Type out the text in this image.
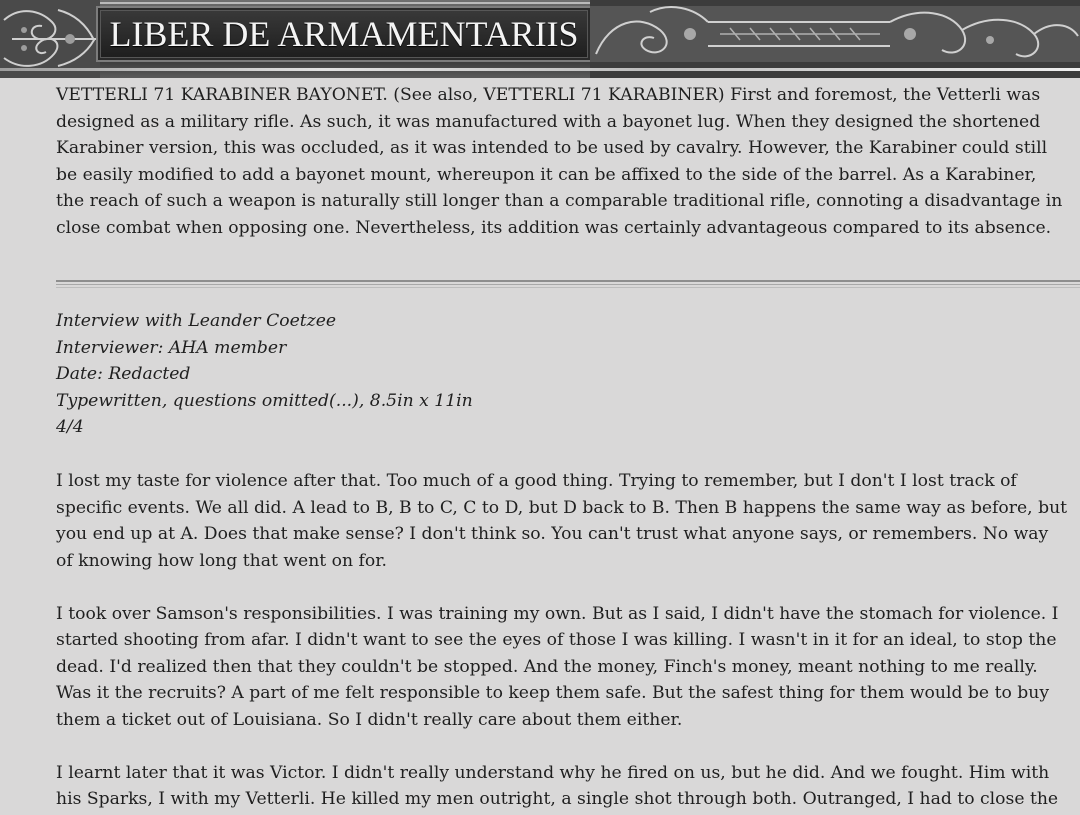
LIBER DE ARMAMENTARIIS

VETTERLI 71 KARABINER BAYONET. (See also, VETTERLI 71 KARABINER) First and foremost, the Vetterli was designed as a military rifle. As such, it was manufactured with a bayonet lug. When they designed the shortened Karabiner version, this was occluded, as it was intended to be used by cavalry. However, the Karabiner could still be easily modified to add a bayonet mount, whereupon it can be affixed to the side of the barrel. As a Karabiner, the reach of such a weapon is naturally still longer than a comparable traditional rifle, connoting a disadvantage in close combat when opposing one. Nevertheless, its addition was certainly advantageous compared to its absence.

Interview with Leander Coetzee
Interviewer: AHA member
Date: Redacted
Typewritten, questions omitted(...), 8.5in x 11in
4/4

I lost my taste for violence after that. Too much of a good thing. Trying to remember, but I don't I lost track of specific events. We all did. A lead to B, B to C, C to D, but D back to B. Then B happens the same way as before, but you end up at A. Does that make sense? I don't think so. You can't trust what anyone says, or remembers. No way of knowing how long that went on for.

I took over Samson's responsibilities. I was training my own. But as I said, I didn't have the stomach for violence. I started shooting from afar. I didn't want to see the eyes of those I was killing. I wasn't in it for an ideal, to stop the dead. I'd realized then that they couldn't be stopped. And the money, Finch's money, meant nothing to me really. Was it the recruits? A part of me felt responsible to keep them safe. But the safest thing for them would be to buy them a ticket out of Louisiana. So I didn't really care about them either.

I learnt later that it was Victor. I didn't really understand why he fired on us, but he did. And we fought. Him with his Sparks, I with my Vetterli. He killed my men outright, a single shot through both. Outranged, I had to close the
